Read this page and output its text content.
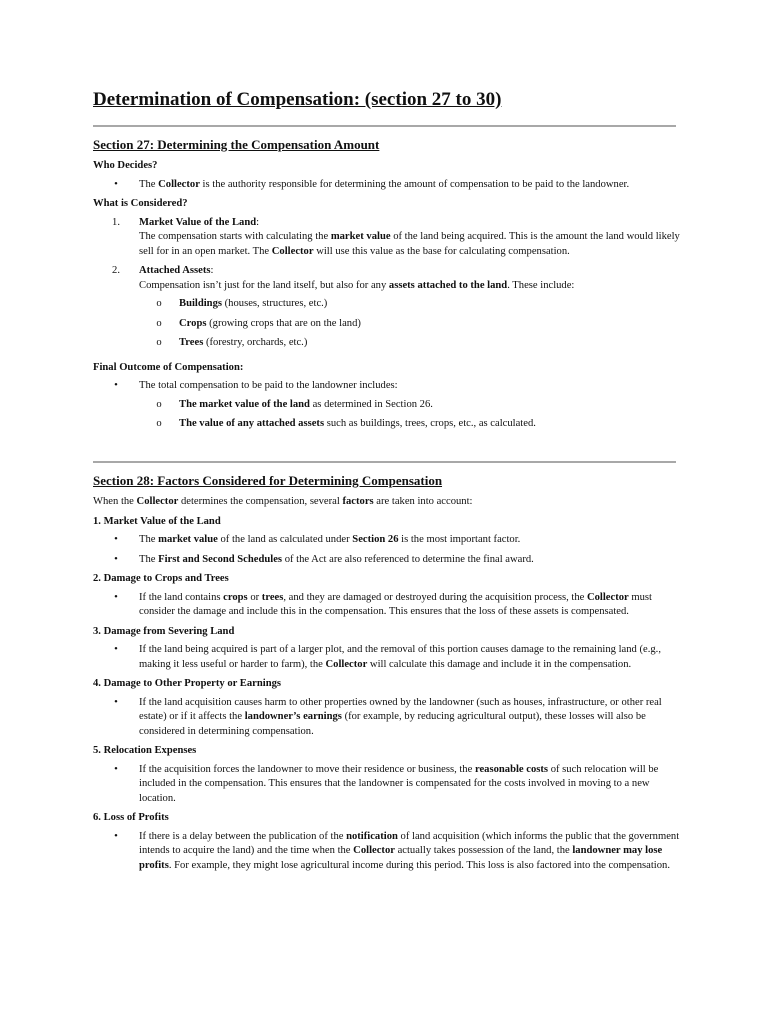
Determination of Compensation: (section 27 to 30)
Section 27: Determining the Compensation Amount
Who Decides?
•	The Collector is the authority responsible for determining the amount of compensation to be paid to the landowner.
What is Considered?
1.	Market Value of the Land:
The compensation starts with calculating the market value of the land being acquired. This is the amount the land would likely sell for in an open market. The Collector will use this value as the base for calculating compensation.
2.	Attached Assets:
Compensation isn’t just for the land itself, but also for any assets attached to the land. These include:
o	Buildings (houses, structures, etc.)
o	Crops (growing crops that are on the land)
o	Trees (forestry, orchards, etc.)
Final Outcome of Compensation:
•	The total compensation to be paid to the landowner includes:
o	The market value of the land as determined in Section 26.
o	The value of any attached assets such as buildings, trees, crops, etc., as calculated.
Section 28: Factors Considered for Determining Compensation

When the Collector determines the compensation, several factors are taken into account:

1. Market Value of the Land
•	The market value of the land as calculated under Section 26 is the most important factor.
•	The First and Second Schedules of the Act are also referenced to determine the final award.
2. Damage to Crops and Trees
•	If the land contains crops or trees, and they are damaged or destroyed during the acquisition process, the Collector must consider the damage and include this in the compensation. This ensures that the loss of these assets is compensated.
3. Damage from Severing Land
•	If the land being acquired is part of a larger plot, and the removal of this portion causes damage to the remaining land (e.g., making it less useful or harder to farm), the Collector will calculate this damage and include it in the compensation.
4. Damage to Other Property or Earnings
•	If the land acquisition causes harm to other properties owned by the landowner (such as houses, infrastructure, or other real estate) or if it affects the landowner’s earnings (for example, by reducing agricultural output), these losses will also be considered in determining compensation.
5. Relocation Expenses
•	If the acquisition forces the landowner to move their residence or business, the reasonable costs of such relocation will be included in the compensation. This ensures that the landowner is compensated for the costs involved in moving to a new location.
6. Loss of Profits
•	If there is a delay between the publication of the notification of land acquisition (which informs the public that the government intends to acquire the land) and the time when the Collector actually takes possession of the land, the landowner may lose profits. For example, they might lose agricultural income during this period. This loss is also factored into the compensation.
